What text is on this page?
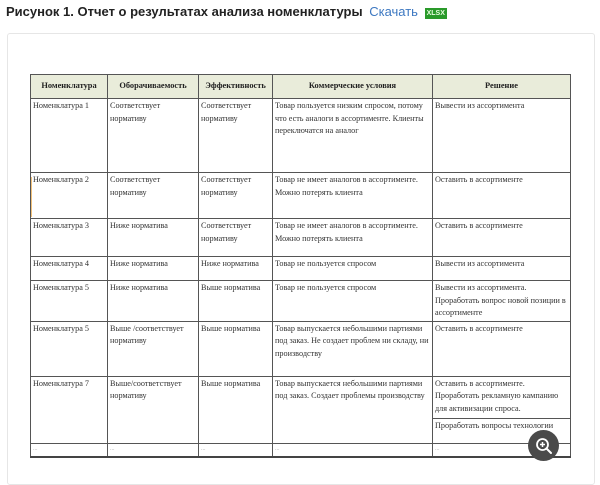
Рисунок 1. Отчет о результатах анализа номенклатуры Скачать XLSX
Номенклатура	Оборачиваемость	Эффективность	Коммерческие условия	Решение
Номенклатура 1	Соответствует нормативу	Соответствует нормативу	Товар пользуется низким спросом, потому что есть аналоги в ассортименте. Клиенты переключатся на аналог	Вывести из ассортимента
Номенклатура 2	Соответствует нормативу	Соответствует нормативу	Товар не имеет аналогов в ассортименте. Можно потерять клиента	Оставить в ассортименте
Номенклатура 3	Ниже норматива	Соответствует нормативу	Товар не имеет аналогов в ассортименте. Можно потерять клиента	Оставить в ассортименте
Номенклатура 4	Ниже норматива	Ниже норматива	Товар не пользуется спросом	Вывести из ассортимента
Номенклатура 5	Ниже норматива	Выше норматива	Товар не пользуется спросом	Вывести из ассортимента. Проработать вопрос новой позиции в ассортименте
Номенклатура 5	Выше /соответствует нормативу	Выше норматива	Товар выпускается небольшими партиями под заказ. Не создает проблем ни складу, ни производству	Оставить в ассортименте
Номенклатура 7	Выше/соответствует нормативу	Выше норматива	Товар выпускается небольшими партиями под заказ. Создает проблемы производству	Оставить в ассортименте. Проработать рекламную кампанию для активизации спроса.
				Проработать вопросы технологии
...	...	...	...	...
